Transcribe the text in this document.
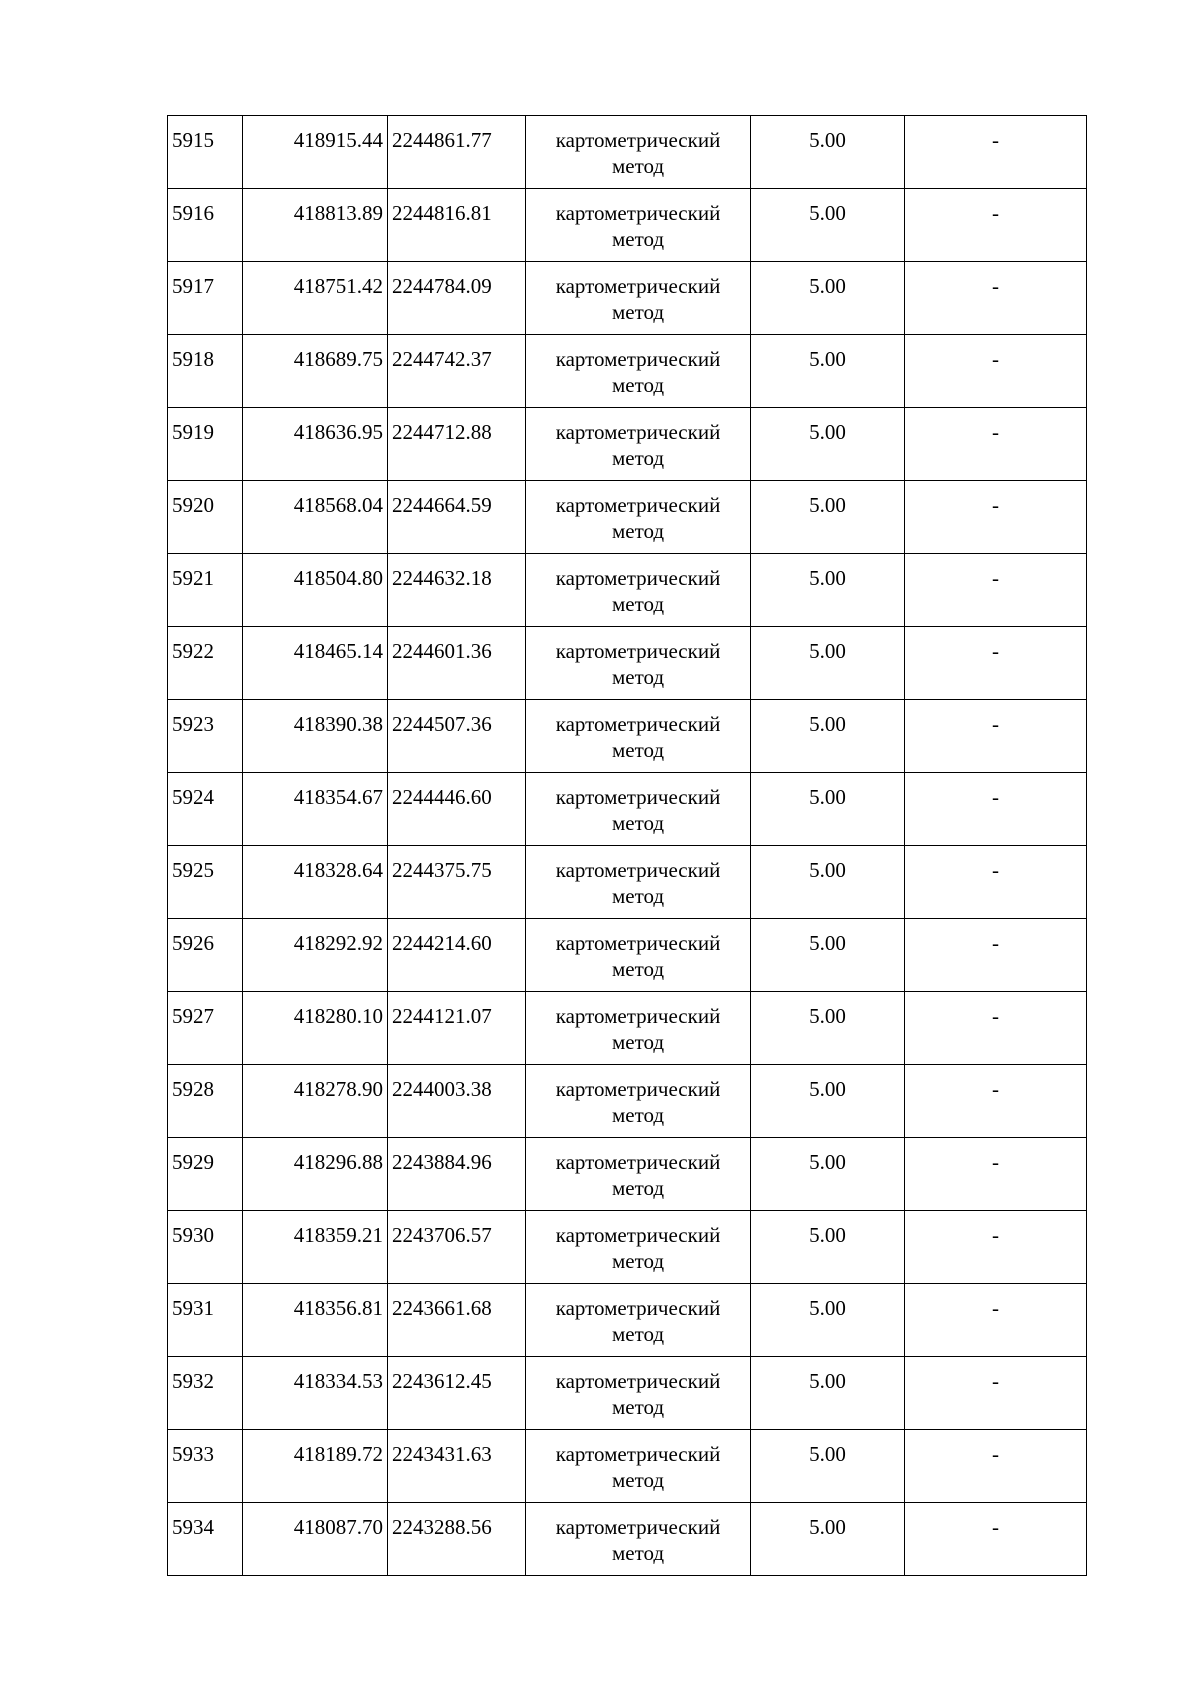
5915	418915.44	2244861.77	картометрический метод	5.00	-
5916	418813.89	2244816.81	картометрический метод	5.00	-
5917	418751.42	2244784.09	картометрический метод	5.00	-
5918	418689.75	2244742.37	картометрический метод	5.00	-
5919	418636.95	2244712.88	картометрический метод	5.00	-
5920	418568.04	2244664.59	картометрический метод	5.00	-
5921	418504.80	2244632.18	картометрический метод	5.00	-
5922	418465.14	2244601.36	картометрический метод	5.00	-
5923	418390.38	2244507.36	картометрический метод	5.00	-
5924	418354.67	2244446.60	картометрический метод	5.00	-
5925	418328.64	2244375.75	картометрический метод	5.00	-
5926	418292.92	2244214.60	картометрический метод	5.00	-
5927	418280.10	2244121.07	картометрический метод	5.00	-
5928	418278.90	2244003.38	картометрический метод	5.00	-
5929	418296.88	2243884.96	картометрический метод	5.00	-
5930	418359.21	2243706.57	картометрический метод	5.00	-
5931	418356.81	2243661.68	картометрический метод	5.00	-
5932	418334.53	2243612.45	картометрический метод	5.00	-
5933	418189.72	2243431.63	картометрический метод	5.00	-
5934	418087.70	2243288.56	картометрический метод	5.00	-
